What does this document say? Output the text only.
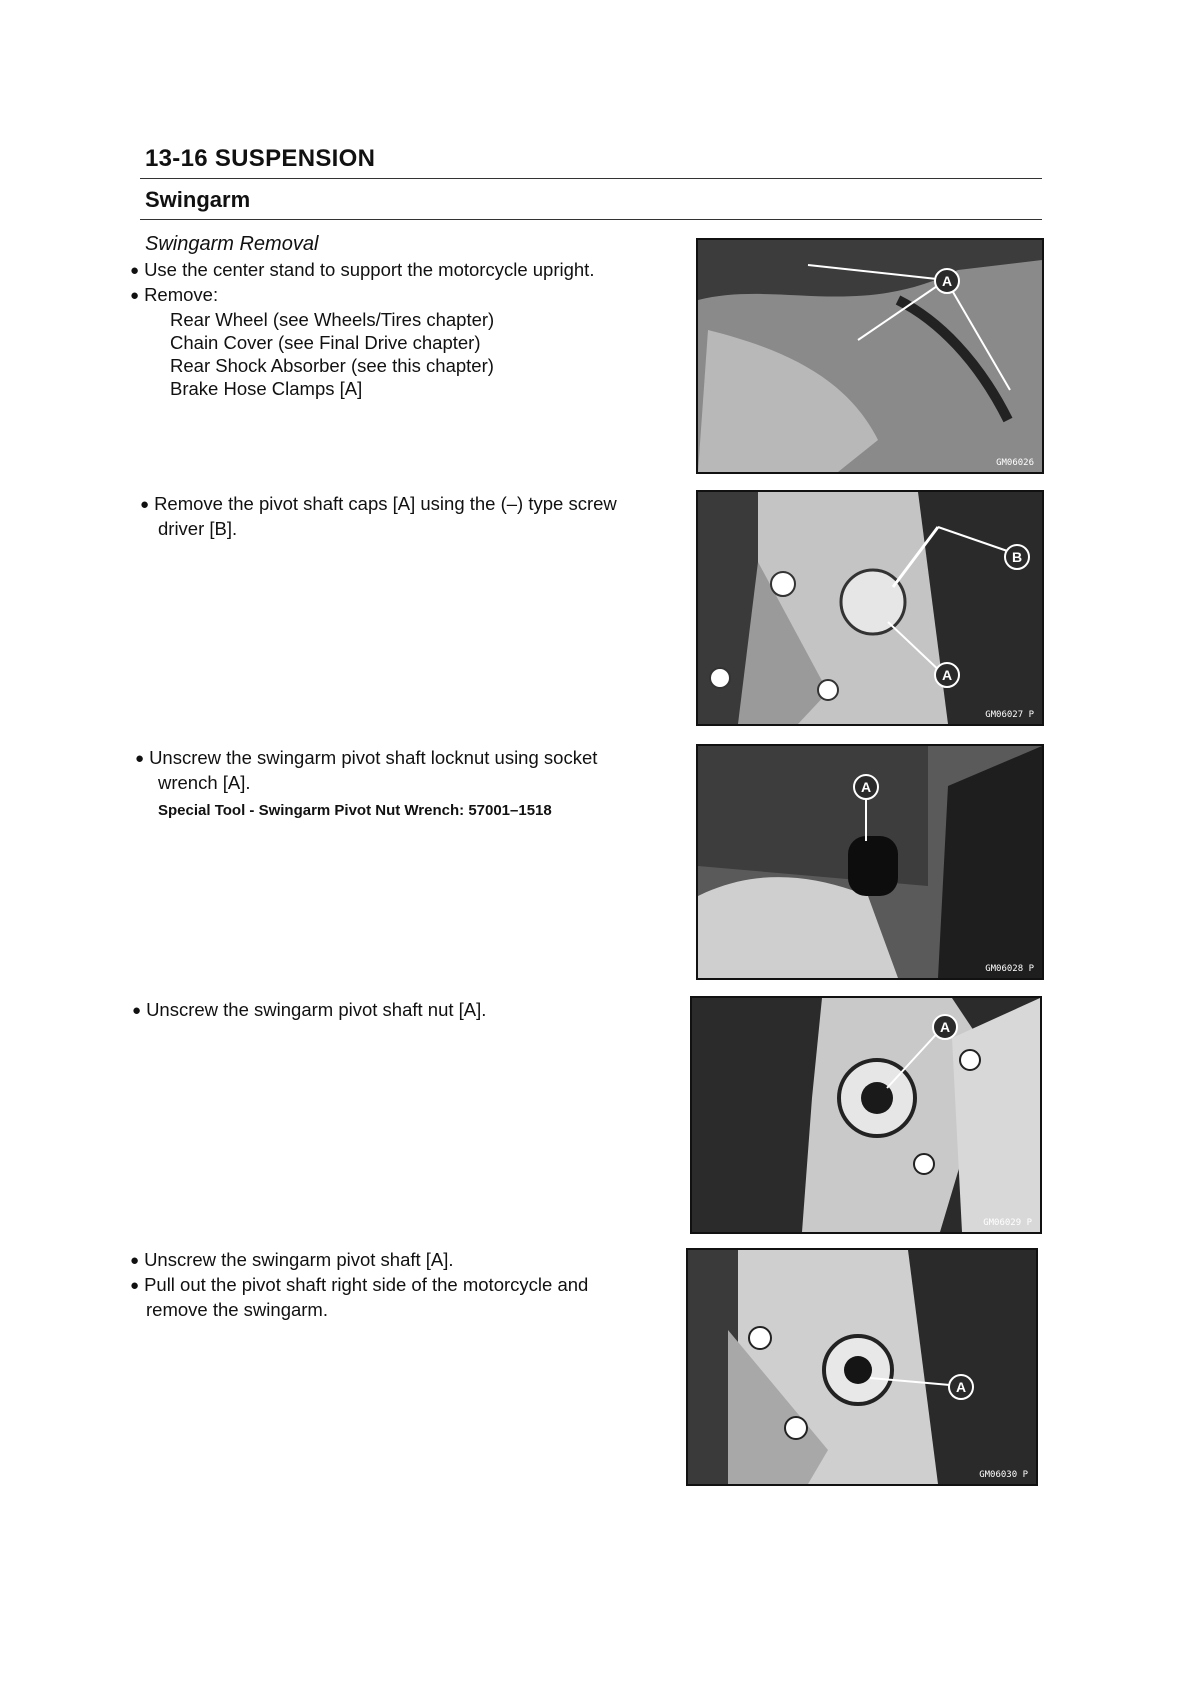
13-16 SUSPENSION
Swingarm
Swingarm Removal
● Use the center stand to support the motorcycle upright.
● Remove:
Rear Wheel (see Wheels/Tires chapter)
Chain Cover (see Final Drive chapter)
Rear Shock Absorber (see this chapter)
Brake Hose Clamps [A]
A
GM06026
● Remove the pivot shaft caps [A] using the (–) type screw
driver [B].
B
A
GM06027 P
● Unscrew the swingarm pivot shaft locknut using socket
wrench [A].
Special Tool - Swingarm Pivot Nut Wrench: 57001–1518
A
GM06028 P
● Unscrew the swingarm pivot shaft nut [A].
A
GM06029 P
● Unscrew the swingarm pivot shaft [A].
● Pull out the pivot shaft right side of the motorcycle and
remove the swingarm.
A
GM06030 P
